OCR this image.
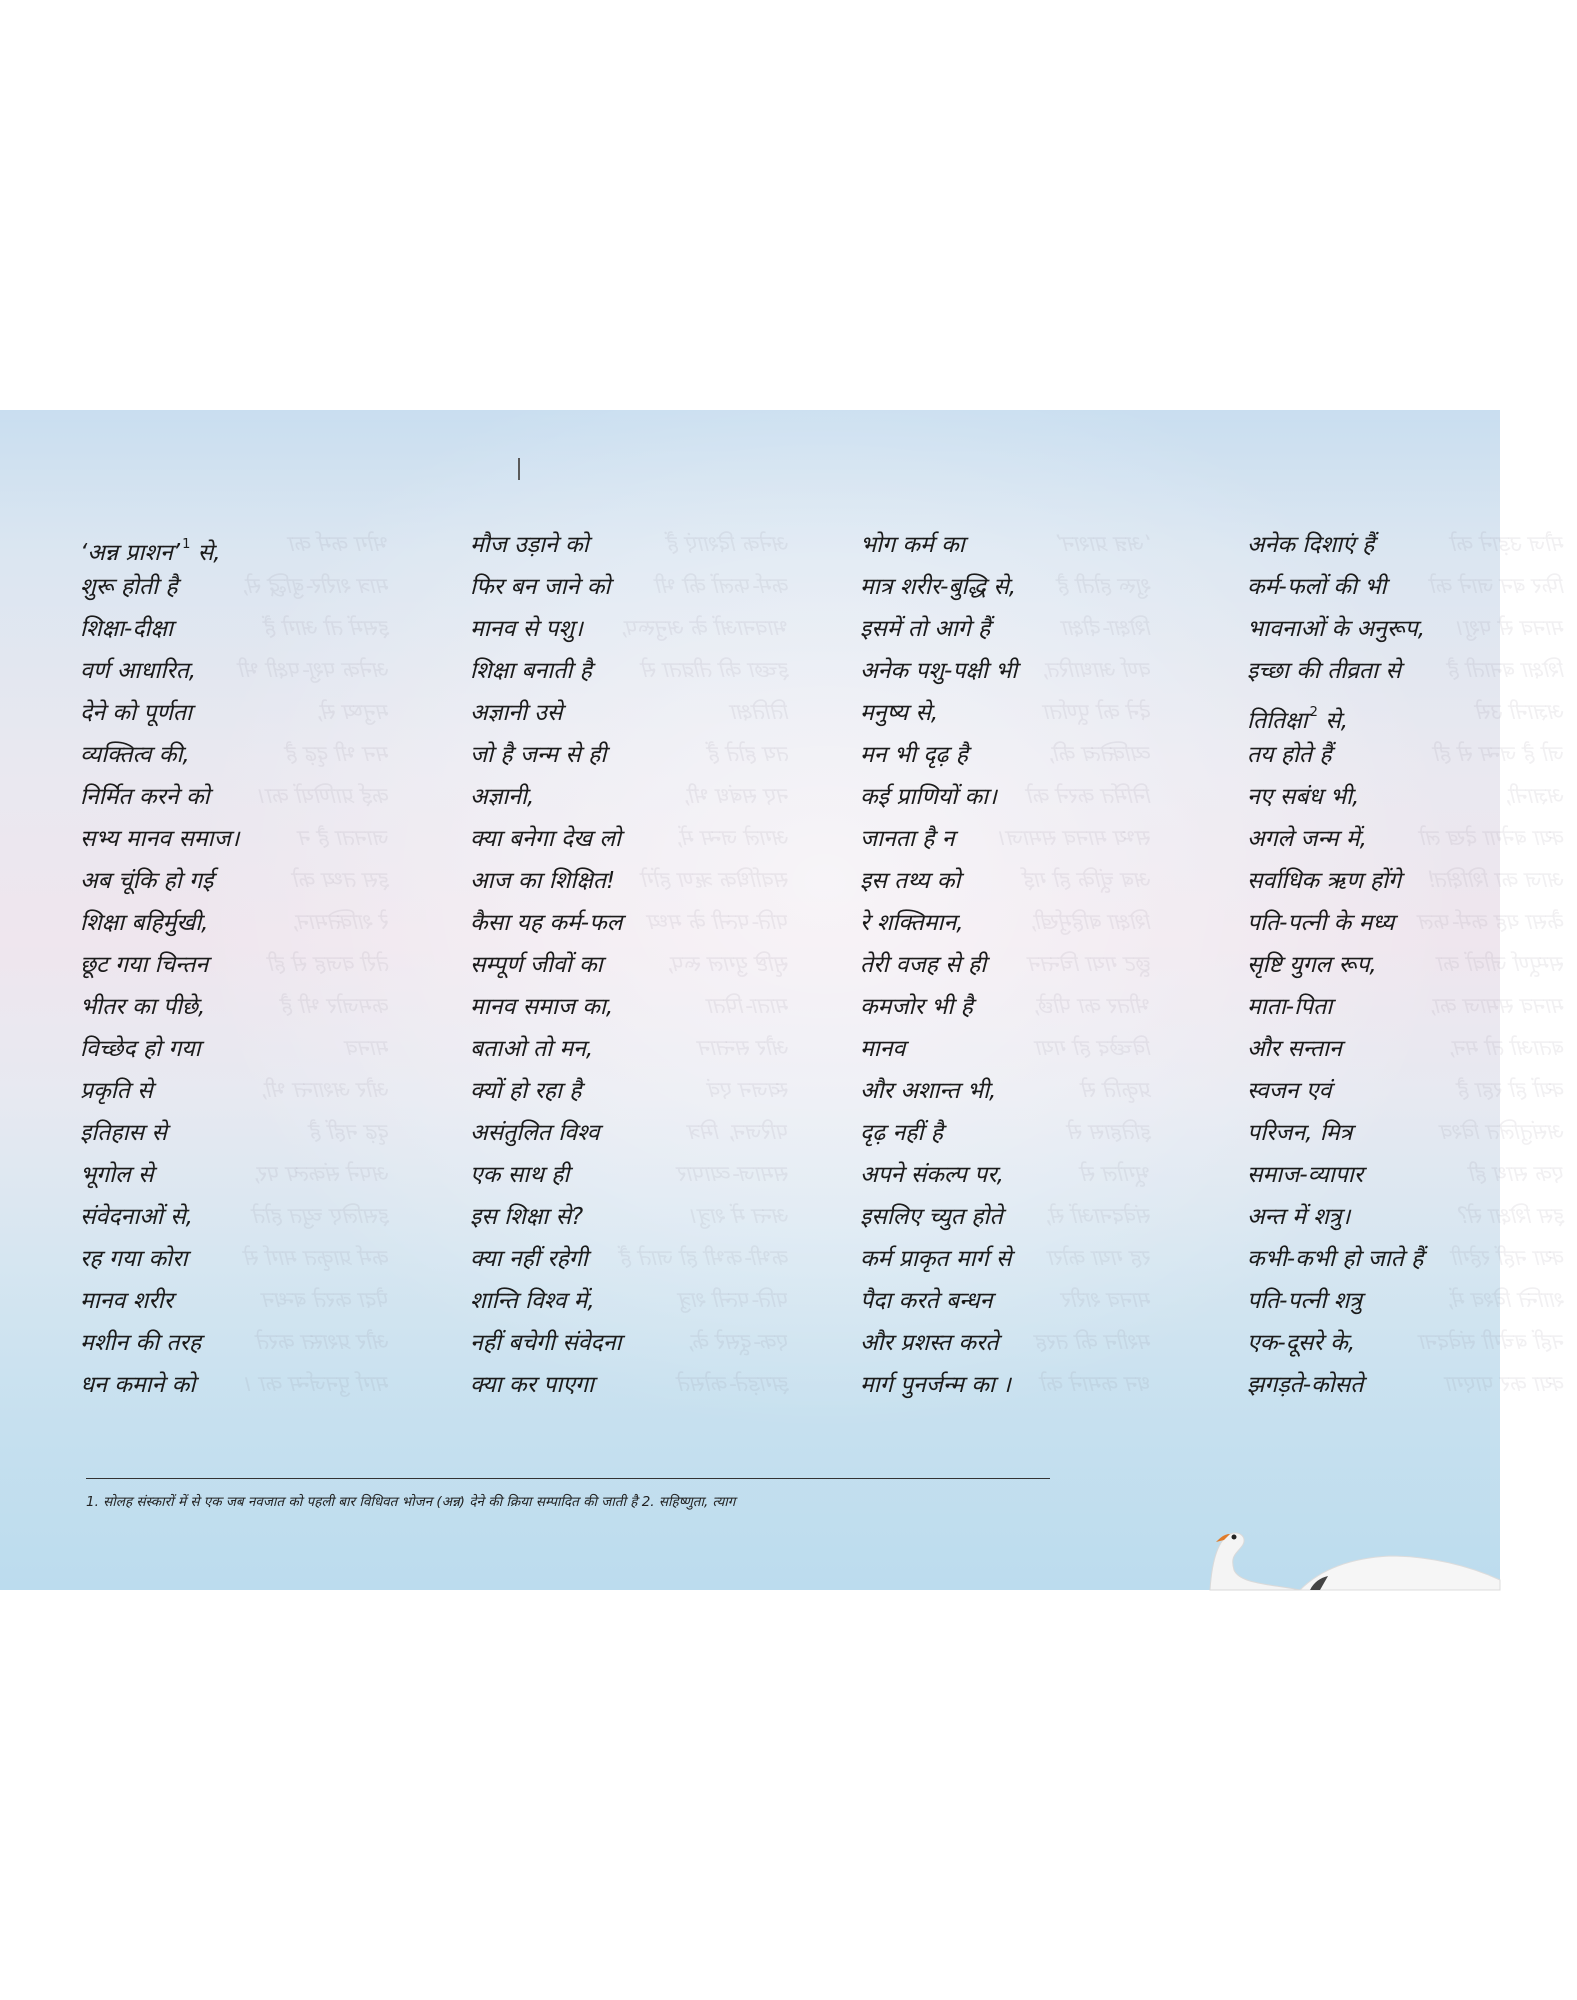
भोग कर्म का
मात्र शरीर-बुद्धि से,
इसमें तो आगे हैं
अनेक पशु-पक्षी भी
मनुष्य से,
मन भी दृढ़ है
कई प्राणियों का।
जानता है न
इस तथ्य को
रे शक्तिमान,
तेरी वजह से ही
कमजोर भी है
मानव
और अशान्त भी,
दृढ़ नहीं है
अपने संकल्प पर,
इसलिए च्युत होते
कर्म प्राकृत मार्ग से
पैदा करते बन्धन
और प्रशस्त करते
मार्ग पुनर्जन्म का ।
अनेक दिशाएं हैं
कर्म-फलों की भी
भावनाओं के अनुरूप,
इच्छा की तीव्रता से
तितिक्षा
तय होते हैं
नए सबंध भी,
अगले जन्म में,
सर्वाधिक ऋण होंगे
पति-पत्नी के मध्य
सृष्टि युगल रूप,
माता-पिता
और सन्तान
स्वजन एवं
परिजन, मित्र
समाज-व्यापार
अन्त में शत्रु।
कभी-कभी हो जाते हैं
पति-पत्नी शत्रु
एक-दूसरे के,
झगड़ते-कोसते
‘अन्न प्राशन’
शुरू होती है
शिक्षा-दीक्षा
वर्ण आधारित,
देने को पूर्णता
व्यक्तित्व की,
निर्मित करने को
सभ्य मानव समाज।
अब चूंकि हो गई
शिक्षा बहिर्मुखी,
छूट गया चिन्तन
भीतर का पीछे,
विच्छेद हो गया
प्रकृति से
इतिहास से
भूगोल से
संवेदनाओं से,
रह गया कोरा
मानव शरीर
मशीन की तरह
धन कमाने को
मौज उड़ाने को
फिर बन जाने को
मानव से पशु।
शिक्षा बनाती है
अज्ञानी उसे
जो है जन्म से ही
अज्ञानी,
क्या बनेगा देख लो
आज का शिक्षित!
कैसा यह कर्म-फल
सम्पूर्ण जीवों का
मानव समाज का,
बताओ तो मन,
क्यों हो रहा है
असंतुलित विश्व
एक साथ ही
इस शिक्षा से?
क्या नहीं रहेगी
शान्ति विश्व में,
नहीं बचेगी संवेदना
क्या कर पाएगा
‘अन्न प्राशन’ $^1$ से,
शुरू होती है
शिक्षा-दीक्षा
वर्ण आधारित,
देने को पूर्णता
व्यक्तित्व की,
निर्मित करने को
सभ्य मानव समाज।
अब चूंकि हो गई
शिक्षा बहिर्मुखी,
छूट गया चिन्तन
भीतर का पीछे,
विच्छेद हो गया
प्रकृति से
इतिहास से
भूगोल से
संवेदनाओं से,
रह गया कोरा
मानव शरीर
मशीन की तरह
धन कमाने को
मौज उड़ाने को
फिर बन जाने को
मानव से पशु।
शिक्षा बनाती है
अज्ञानी उसे
जो है जन्म से ही
अज्ञानी,
क्या बनेगा देख लो
आज का शिक्षित!
कैसा यह कर्म-फल
सम्पूर्ण जीवों का
मानव समाज का,
बताओ तो मन,
क्यों हो रहा है
असंतुलित विश्व
एक साथ ही
इस शिक्षा से?
क्या नहीं रहेगी
शान्ति विश्व में,
नहीं बचेगी संवेदना
क्या कर पाएगा
भोग कर्म का
मात्र शरीर-बुद्धि से,
इसमें तो आगे हैं
अनेक पशु-पक्षी भी
मनुष्य से,
मन भी दृढ़ है
कई प्राणियों का।
जानता है न
इस तथ्य को
रे शक्तिमान,
तेरी वजह से ही
कमजोर भी है
मानव
और अशान्त भी,
दृढ़ नहीं है
अपने संकल्प पर,
इसलिए च्युत होते
कर्म प्राकृत मार्ग से
पैदा करते बन्धन
और प्रशस्त करते
मार्ग पुनर्जन्म का ।
अनेक दिशाएं हैं
कर्म-फलों की भी
भावनाओं के अनुरूप,
इच्छा की तीव्रता से
तितिक्षा $^2$ से,
तय होते हैं
नए सबंध भी,
अगले जन्म में,
सर्वाधिक ऋण होंगे
पति-पत्नी के मध्य
सृष्टि युगल रूप,
माता-पिता
और सन्तान
स्वजन एवं
परिजन, मित्र
समाज-व्यापार
अन्त में शत्रु।
कभी-कभी हो जाते हैं
पति-पत्नी शत्रु
एक-दूसरे के,
झगड़ते-कोसते
1. सोलह संस्कारों में से एक जब नवजात को पहली बार विधिवत भोजन (अन्न) देने की क्रिया सम्पादित की जाती है 2. सहिष्णुता, त्याग
